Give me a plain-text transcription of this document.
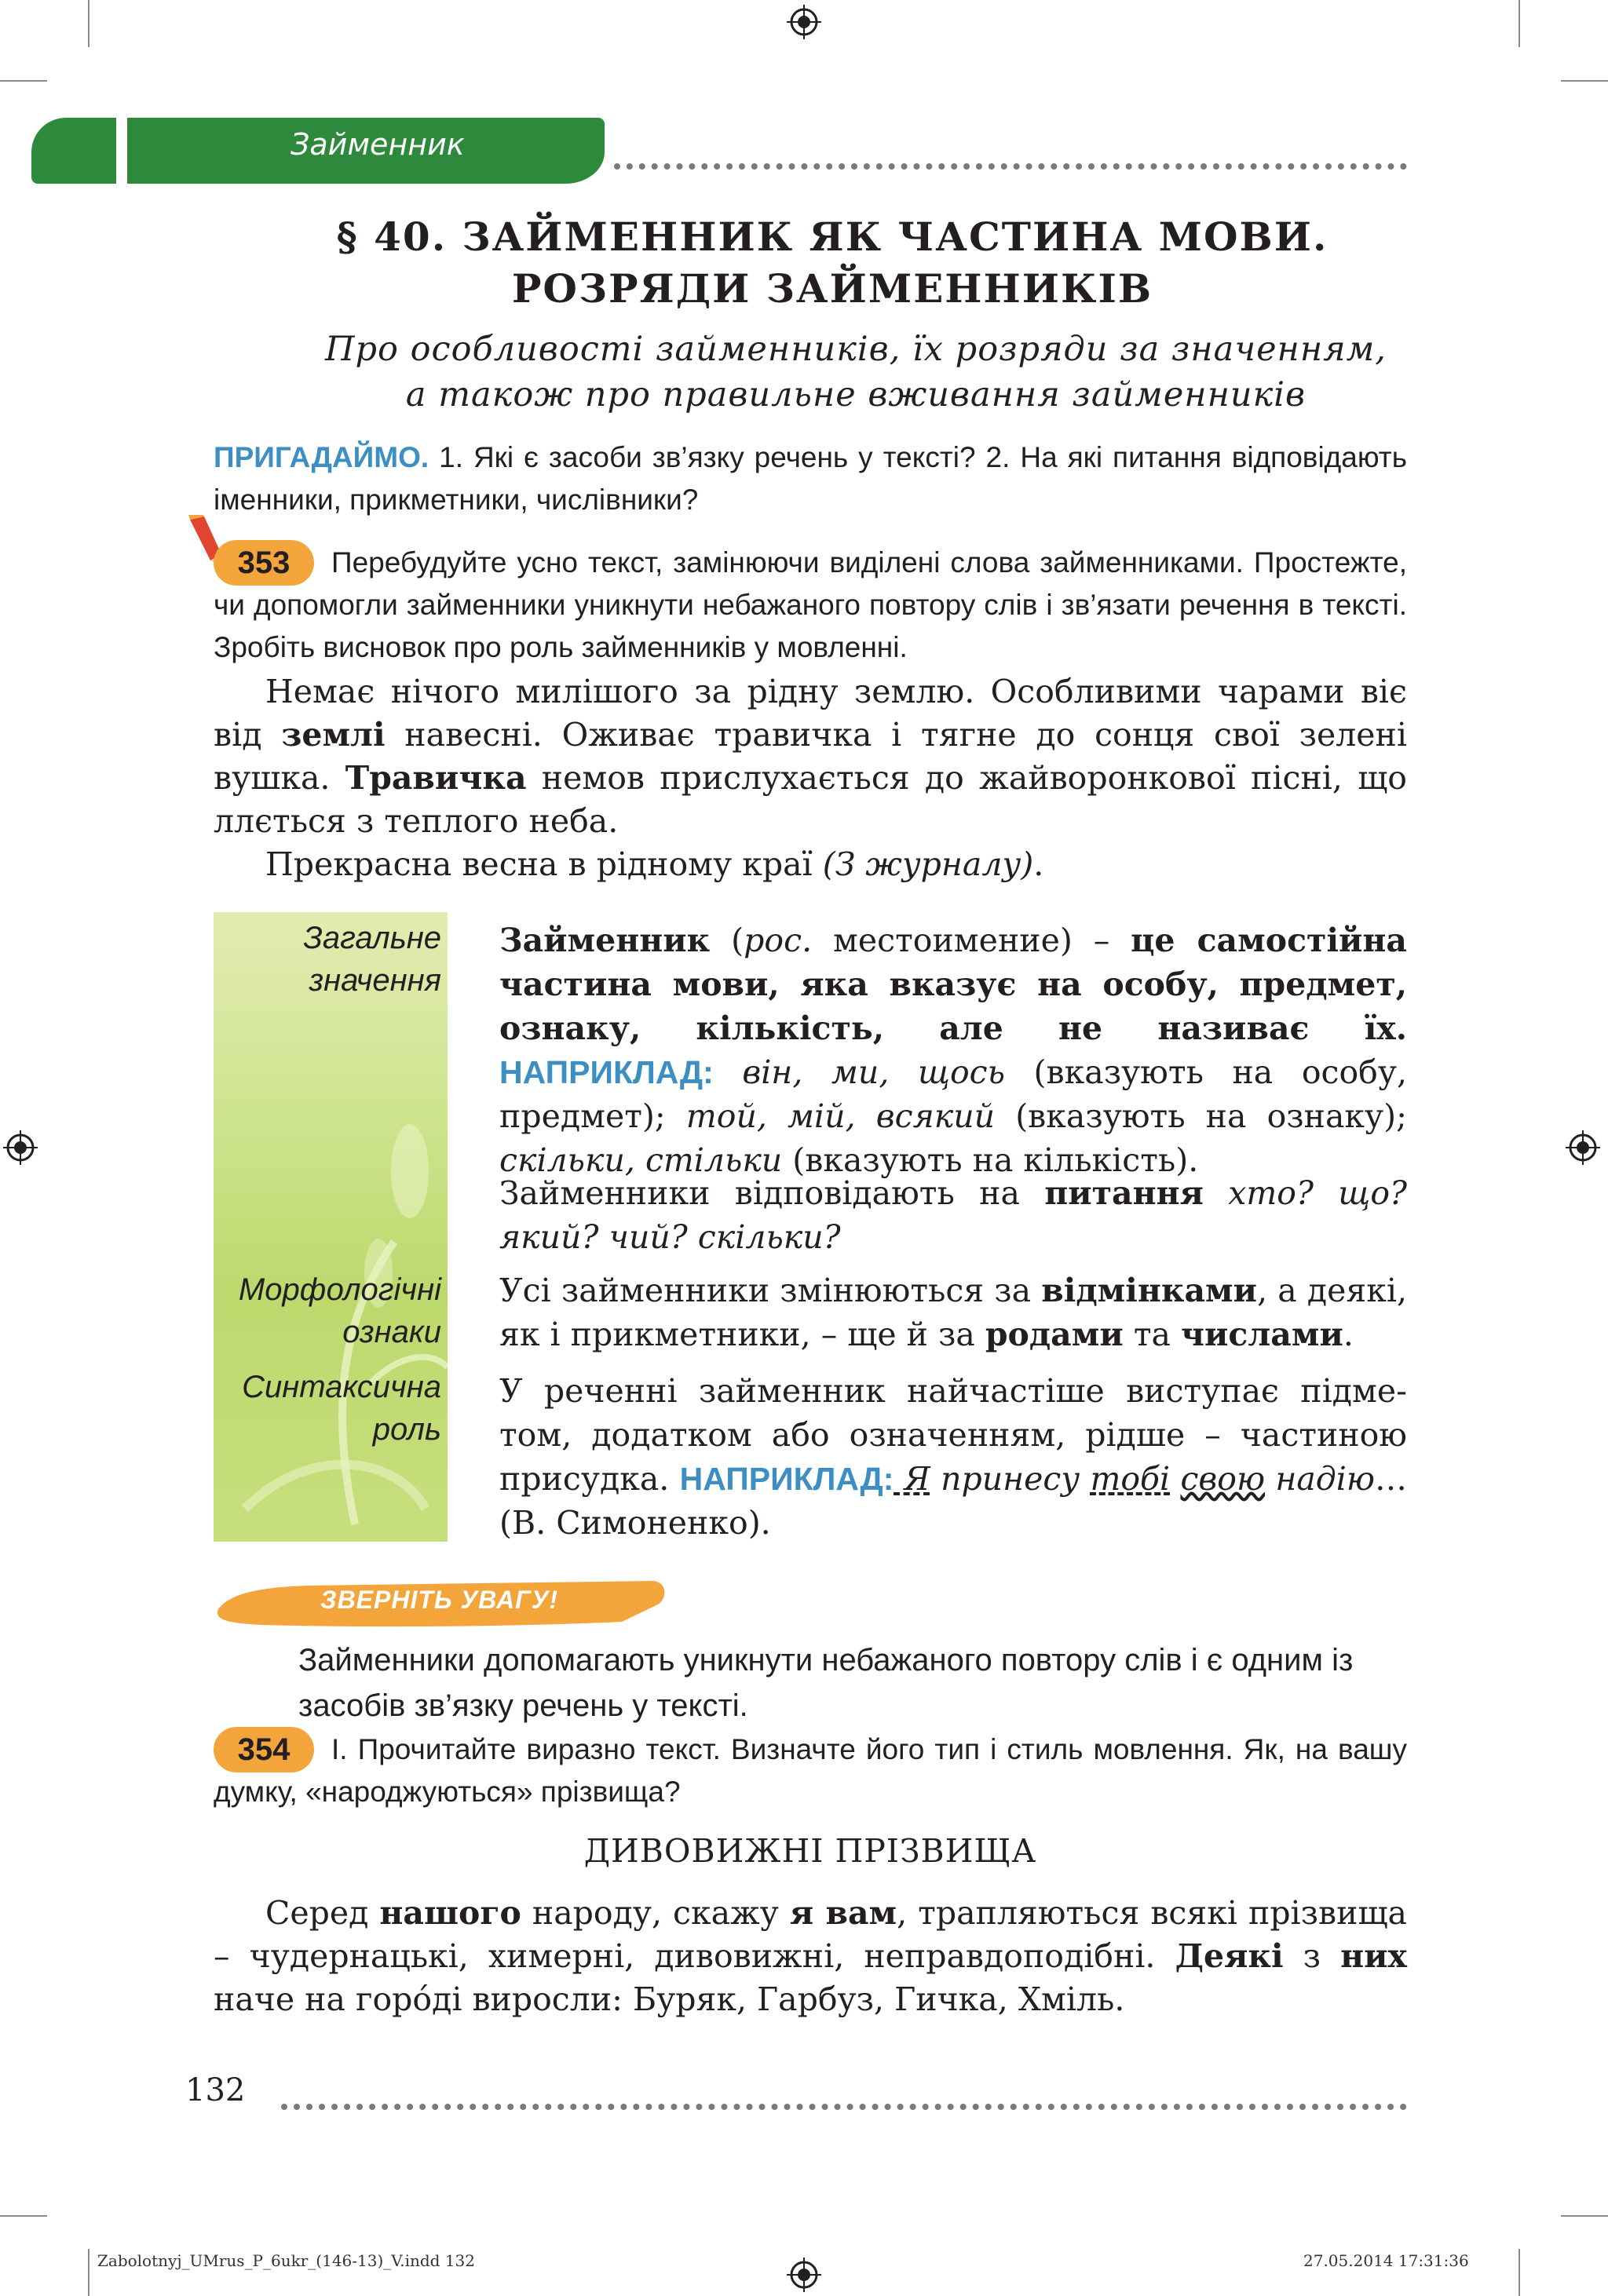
Займенник
§ 40. ЗАЙМЕННИК ЯК ЧАСТИНА МОВИ.
РОЗРЯДИ ЗАЙМЕННИКІВ
Про особливості займенників, їх розряди за значенням,
а також про правильне вживання займенників
ПРИГАДАЙМО. 1. Які є засоби зв’язку речень у тексті? 2. На які питання відповідають іменники, прикметники, числівники?
353	Перебудуйте усно текст, замінюючи виділені слова займенниками. Простежте, чи допомогли займенники уникнути небажаного повтору слів і зв’язати речення в тексті. Зробіть висновок про роль займенників у мовленні.
Немає нічого милішого за рідну землю. Особливими чарами віє від землі навесні. Оживає травичка і тягне до сонця свої зелені вушка. Травичка немов прислухається до жайворонкової пісні, що ллється з теплого неба.
Прекрасна весна в рідному краї (З журналу).
Загальне
значення
Морфологічні
ознаки
Синтаксична
роль
Займенник (рос. местоимение) – це самостійна частина мови, яка вказує на особу, предмет, ознаку, кількість, але не називає їх. НАПРИКЛАД: він, ми, щось (вказують на особу, предмет); той, мій, всякий (вказують на ознаку); скільки, стільки (вказують на кількість).
Займенники відповідають на питання хто? що? який? чий? скільки?
Усі займенники змінюються за відмінками, а деякі, як і прикметники, – ще й за родами та числами.
У реченні займенник найчастіше виступає підметом, додатком або означенням, рідше – частиною присудка. НАПРИКЛАД: Я принесу тобі свою надію… (В. Симоненко).
ЗВЕРНІТЬ УВАГУ!
Займенники допомагають уникнути небажаного повтору слів і є одним із засобів зв’язку речень у тексті.
354	І. Прочитайте виразно текст. Визначте його тип і стиль мовлення. Як, на вашу думку, «народжуються» прізвища?
ДИВОВИЖНІ ПРІЗВИЩА
Серед нашого народу, скажу я вам, трапляються всякі прізвища – чудернацькі, химерні, дивовижні, неправдоподібні. Деякі з них наче на горóді виросли: Буряк, Гарбуз, Гичка, Хміль.
132
Zabolotnyj_UMrus_P_6ukr_(146-13)_V.indd 132	27.05.2014 17:31:36
